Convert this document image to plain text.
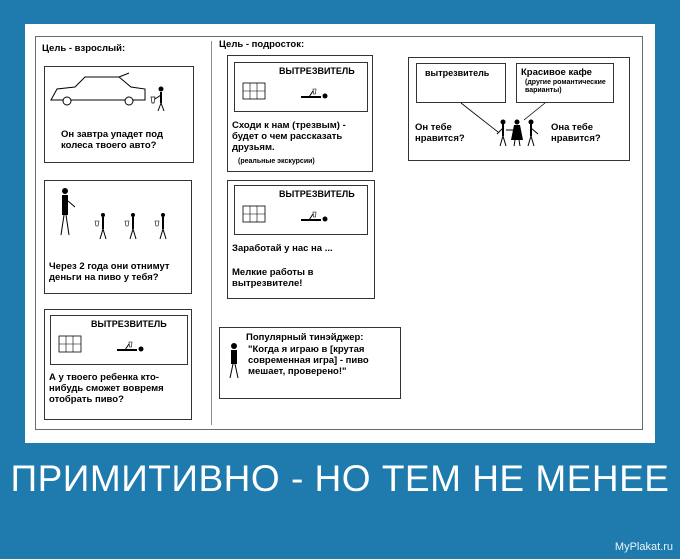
Цель - взрослый:	Цель - подросток:
Он завтра упадет под колеса твоего авто?
Через 2 года они отнимут деньги на пиво у тебя?
ВЫТРЕЗВИТЕЛЬ
А у твоего ребенка кто-нибудь сможет вовремя отобрать пиво?
ВЫТРЕЗВИТЕЛЬ
Сходи к нам (трезвым) - будет о чем рассказать друзьям.
(реальные экскурсии)
ВЫТРЕЗВИТЕЛЬ
Заработай у нас на ...
Мелкие работы в вытрезвителе!
Популярный тинэйджер:
"Когда я играю в [крутая современная игра] - пиво мешает, проверено!"
вытрезвитель	Красивое кафе
(другие романтические варианты)
Он тебе нравится?
Она тебе нравится?
ПРИМИТИВНО - НО ТЕМ НЕ МЕНЕЕ
MyPlakat.ru
